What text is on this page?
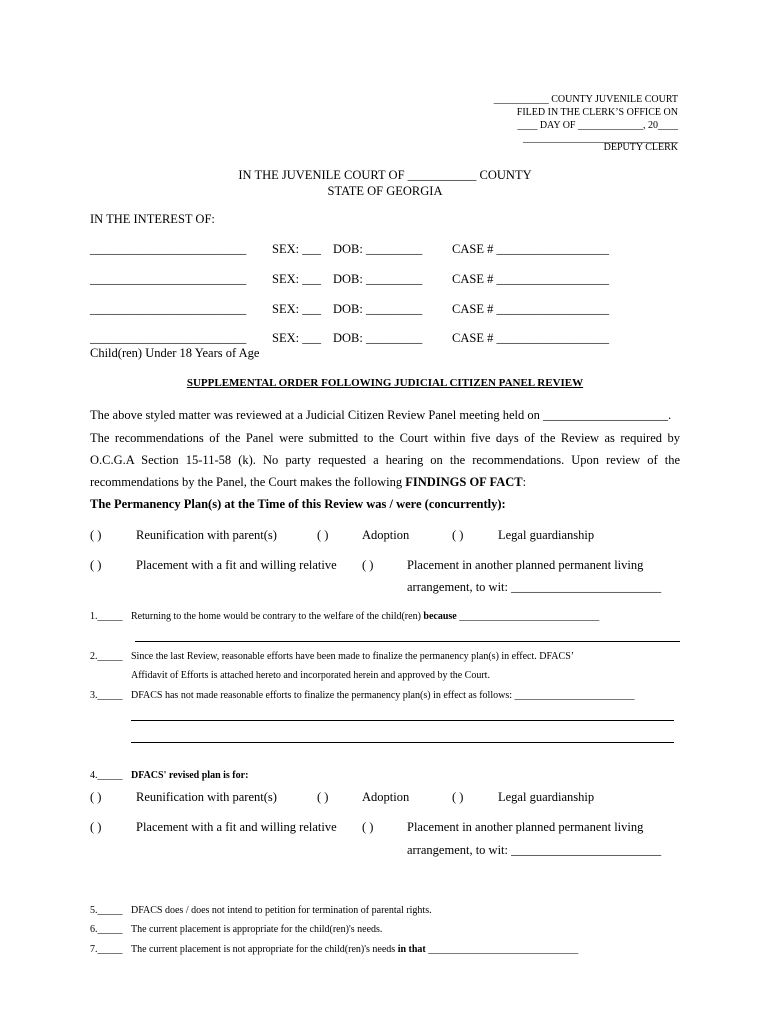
___________ COUNTY JUVENILE COURT
FILED IN THE CLERK’S OFFICE ON
____ DAY OF _____________, 20____
_______________________________
DEPUTY CLERK
IN THE JUVENILE COURT OF ___________ COUNTY
STATE OF GEORGIA
IN THE INTEREST OF:
_________________________ SEX: ___ DOB: _________ CASE # __________________
_________________________ SEX: ___ DOB: _________ CASE # __________________
_________________________ SEX: ___ DOB: _________ CASE # __________________
_________________________ SEX: ___ DOB: _________ CASE # __________________
Child(ren) Under 18 Years of Age
SUPPLEMENTAL ORDER FOLLOWING JUDICIAL CITIZEN PANEL REVIEW
The above styled matter was reviewed at a Judicial Citizen Review Panel meeting held on ____________________.
The recommendations of the Panel were submitted to the Court within five days of the Review as required by
O.C.G.A Section 15-11-58 (k). No party requested a hearing on the recommendations. Upon review of the
recommendations by the Panel, the Court makes the following FINDINGS OF FACT:
The Permanency Plan(s) at the Time of this Review was / were (concurrently):
( )	Reunification with parent(s)	( )	Adoption	( )	Legal guardianship
( )	Placement with a fit and willing relative ( )	Placement in another planned permanent living
arrangement, to wit: ________________________
1._____ Returning to the home would be contrary to the welfare of the child(ren) because ____________________________
2._____ Since the last Review, reasonable efforts have been made to finalize the permanency plan(s) in effect. DFACS’
Affidavit of Efforts is attached hereto and incorporated herein and approved by the Court.
3._____ DFACS has not made reasonable efforts to finalize the permanency plan(s) in effect as follows: ________________________
4._____ DFACS' revised plan is for:
( )	Reunification with parent(s)	( )	Adoption	( )	Legal guardianship
( )	Placement with a fit and willing relative ( )	Placement in another planned permanent living
arrangement, to wit: ________________________
5._____ DFACS does / does not intend to petition for termination of parental rights.
6._____ The current placement is appropriate for the child(ren)'s needs.
7._____ The current placement is not appropriate for the child(ren)'s needs in that ______________________________
